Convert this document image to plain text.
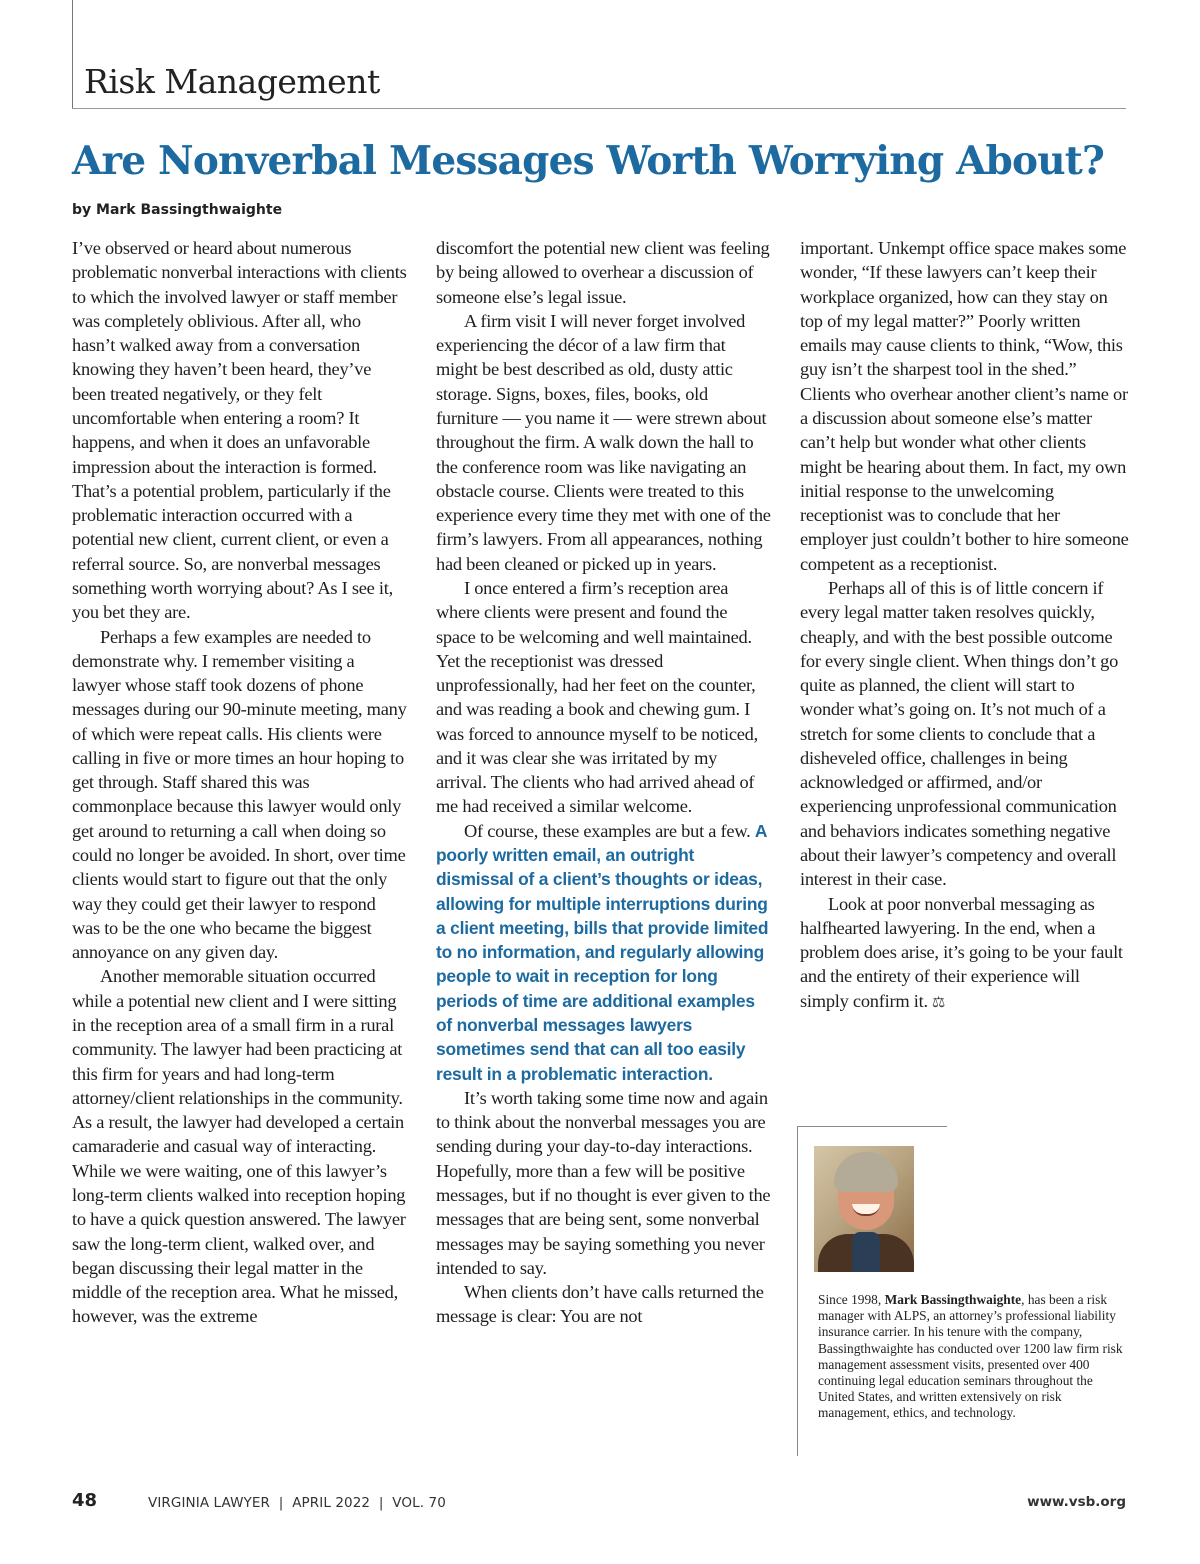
Risk Management
Are Nonverbal Messages Worth Worrying About?
by Mark Bassingthwaighte

I’ve observed or heard about numerous problematic nonverbal interactions with clients to which the involved lawyer or staff member was completely oblivious. After all, who hasn’t walked away from a conversation knowing they haven’t been heard, they’ve been treated negatively, or they felt uncomfortable when entering a room? It happens, and when it does an unfavorable impression about the interaction is formed. That’s a potential problem, particularly if the problematic interaction occurred with a potential new client, current client, or even a referral source. So, are nonverbal messages something worth worrying about? As I see it, you bet they are.

Perhaps a few examples are needed to demonstrate why. I remember visiting a lawyer whose staff took dozens of phone messages during our 90-minute meeting, many of which were repeat calls. His clients were calling in five or more times an hour hoping to get through. Staff shared this was commonplace because this lawyer would only get around to returning a call when doing so could no longer be avoided. In short, over time clients would start to figure out that the only way they could get their lawyer to respond was to be the one who became the biggest annoyance on any given day.

Another memorable situation occurred while a potential new client and I were sitting in the reception area of a small firm in a rural community. The lawyer had been practicing at this firm for years and had long-term attorney/client relationships in the community. As a result, the lawyer had developed a certain camaraderie and casual way of interacting. While we were waiting, one of this lawyer’s long-term clients walked into reception hoping to have a quick question answered. The lawyer saw the long-term client, walked over, and began discussing their legal matter in the middle of the reception area. What he missed, however, was the extreme

discomfort the potential new client was feeling by being allowed to overhear a discussion of someone else’s legal issue.

A firm visit I will never forget involved experiencing the décor of a law firm that might be best described as old, dusty attic storage. Signs, boxes, files, books, old furniture — you name it — were strewn about throughout the firm. A walk down the hall to the conference room was like navigating an obstacle course. Clients were treated to this experience every time they met with one of the firm’s lawyers. From all appearances, nothing had been cleaned or picked up in years.

I once entered a firm’s reception area where clients were present and found the space to be welcoming and well maintained. Yet the receptionist was dressed unprofessionally, had her feet on the counter, and was reading a book and chewing gum. I was forced to announce myself to be noticed, and it was clear she was irritated by my arrival. The clients who had arrived ahead of me had received a similar welcome.

Of course, these examples are but a few. A poorly written email, an outright dismissal of a client’s thoughts or ideas, allowing for multiple interruptions during a client meeting, bills that provide limited to no information, and regularly allowing people to wait in reception for long periods of time are additional examples of nonverbal messages lawyers sometimes send that can all too easily result in a problematic interaction.

It’s worth taking some time now and again to think about the nonverbal messages you are sending during your day-to-day interactions. Hopefully, more than a few will be positive messages, but if no thought is ever given to the messages that are being sent, some nonverbal messages may be saying something you never intended to say.

When clients don’t have calls returned the message is clear: You are not

important. Unkempt office space makes some wonder, “If these lawyers can’t keep their workplace organized, how can they stay on top of my legal matter?” Poorly written emails may cause clients to think, “Wow, this guy isn’t the sharpest tool in the shed.” Clients who overhear another client’s name or a discussion about someone else’s matter can’t help but wonder what other clients might be hearing about them. In fact, my own initial response to the unwelcoming receptionist was to conclude that her employer just couldn’t bother to hire someone competent as a receptionist.

Perhaps all of this is of little concern if every legal matter taken resolves quickly, cheaply, and with the best possible outcome for every single client. When things don’t go quite as planned, the client will start to wonder what’s going on. It’s not much of a stretch for some clients to conclude that a disheveled office, challenges in being acknowledged or affirmed, and/or experiencing unprofessional communication and behaviors indicates something negative about their lawyer’s competency and overall interest in their case.

Look at poor nonverbal messaging as halfhearted lawyering. In the end, when a problem does arise, it’s going to be your fault and the entirety of their experience will simply confirm it. ⚖

Since 1998, Mark Bassingthwaighte, has been a risk manager with ALPS, an attorney’s professional liability insurance carrier. In his tenure with the company, Bassingthwaighte has conducted over 1200 law firm risk management assessment visits, presented over 400 continuing legal education seminars throughout the United States, and written extensively on risk management, ethics, and technology.
48	VIRGINIA LAWYER  |  APRIL 2022  |  VOL. 70	www.vsb.org
